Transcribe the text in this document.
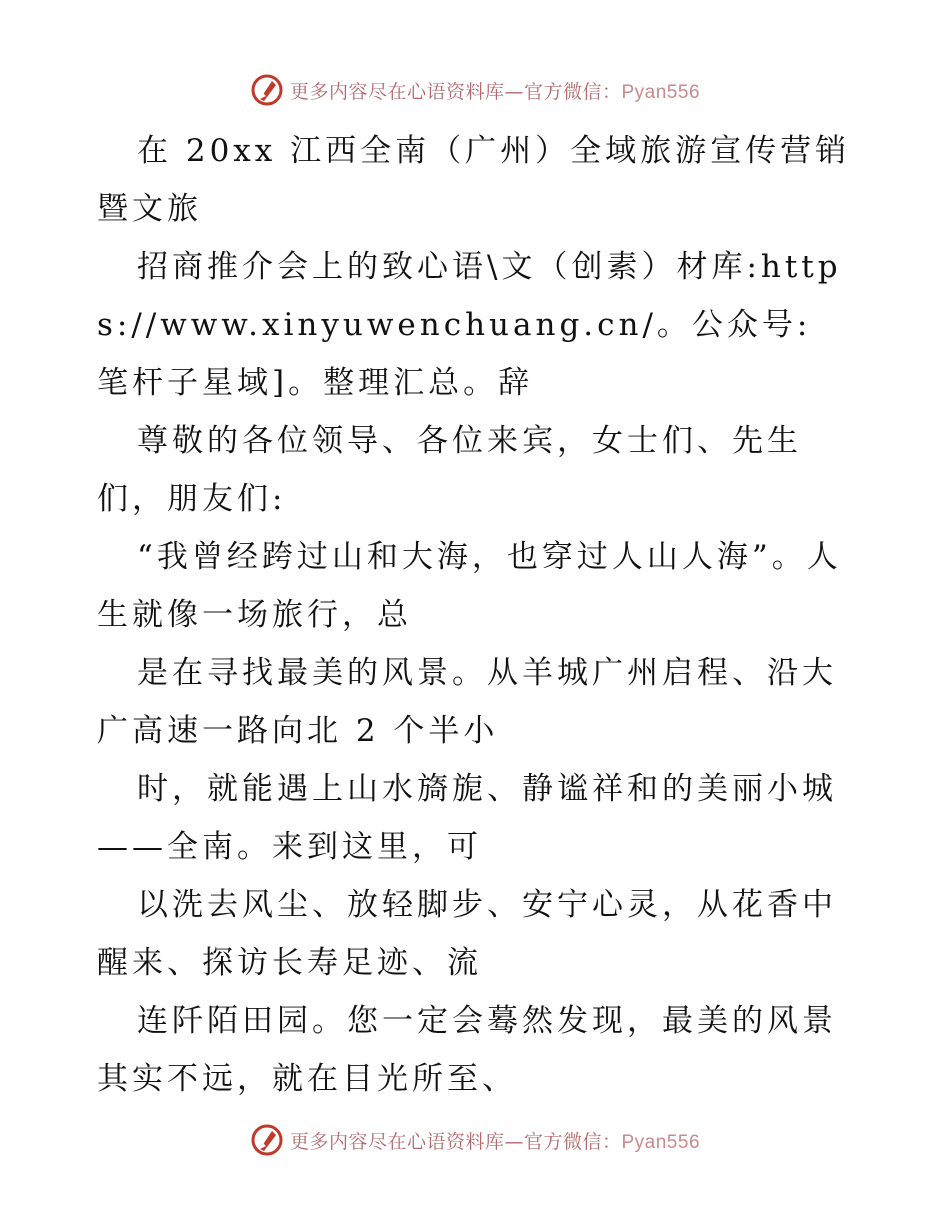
更多内容尽在心语资料库—官方微信：Pyan556

在 20xx 江西全南（广州）全域旅游宣传营销暨文旅

招商推介会上的致心语\文（创素）材库:https://www.xinyuwenchuang.cn/。公众号: 笔杆子星域]。整理汇总。辞

尊敬的各位领导、各位来宾，女士们、先生们，朋友们:

“我曾经跨过山和大海，也穿过人山人海”。人生就像一场旅行，总

是在寻找最美的风景。从羊城广州启程、沿大广高速一路向北 2 个半小

时，就能遇上山水旖旎、静谧祥和的美丽小城——全南。来到这里，可

以洗去风尘、放轻脚步、安宁心灵，从花香中醒来、探访长寿足迹、流

连阡陌田园。您一定会蓦然发现，最美的风景其实不远，就在目光所至、

更多内容尽在心语资料库—官方微信：Pyan556
